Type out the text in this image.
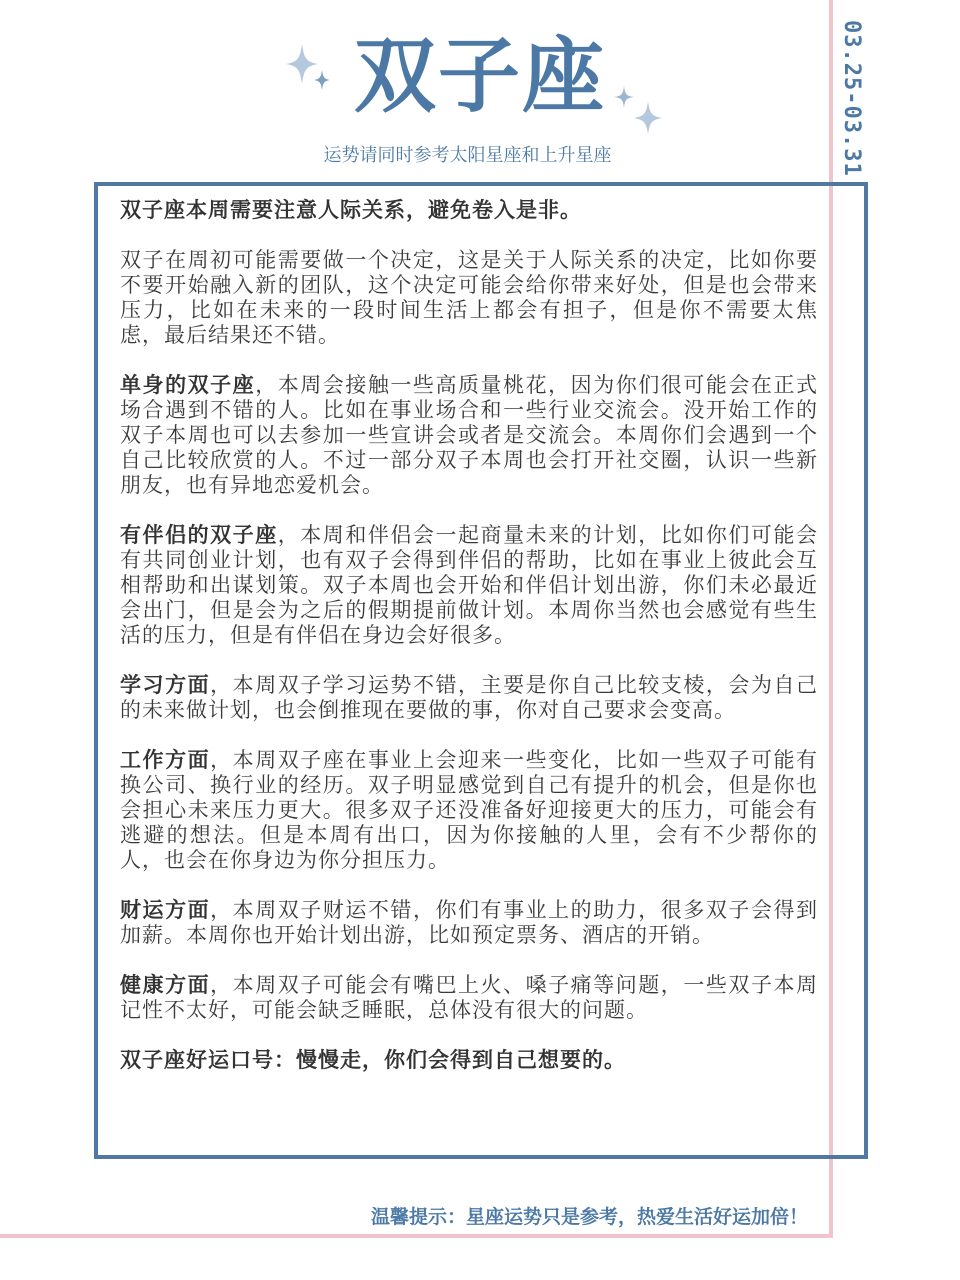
双子座
运势请同时参考太阳星座和上升星座	03.25-03.31

双子座本周需要注意人际关系，避免卷入是非。

双子在周初可能需要做一个决定，这是关于人际关系的决定，比如你要不要开始融入新的团队，这个决定可能会给你带来好处，但是也会带来压力，比如在未来的一段时间生活上都会有担子，但是你不需要太焦虑，最后结果还不错。

单身的双子座，本周会接触一些高质量桃花，因为你们很可能会在正式场合遇到不错的人。比如在事业场合和一些行业交流会。没开始工作的双子本周也可以去参加一些宣讲会或者是交流会。本周你们会遇到一个自己比较欣赏的人。不过一部分双子本周也会打开社交圈，认识一些新朋友，也有异地恋爱机会。

有伴侣的双子座，本周和伴侣会一起商量未来的计划，比如你们可能会有共同创业计划，也有双子会得到伴侣的帮助，比如在事业上彼此会互相帮助和出谋划策。双子本周也会开始和伴侣计划出游，你们未必最近会出门，但是会为之后的假期提前做计划。本周你当然也会感觉有些生活的压力，但是有伴侣在身边会好很多。

学习方面，本周双子学习运势不错，主要是你自己比较支棱，会为自己的未来做计划，也会倒推现在要做的事，你对自己要求会变高。

工作方面，本周双子座在事业上会迎来一些变化，比如一些双子可能有换公司、换行业的经历。双子明显感觉到自己有提升的机会，但是你也会担心未来压力更大。很多双子还没准备好迎接更大的压力，可能会有逃避的想法。但是本周有出口，因为你接触的人里，会有不少帮你的人，也会在你身边为你分担压力。

财运方面，本周双子财运不错，你们有事业上的助力，很多双子会得到加薪。本周你也开始计划出游，比如预定票务、酒店的开销。

健康方面，本周双子可能会有嘴巴上火、嗓子痛等问题，一些双子本周记性不太好，可能会缺乏睡眠，总体没有很大的问题。

双子座好运口号：慢慢走，你们会得到自己想要的。

温馨提示：星座运势只是参考，热爱生活好运加倍！
